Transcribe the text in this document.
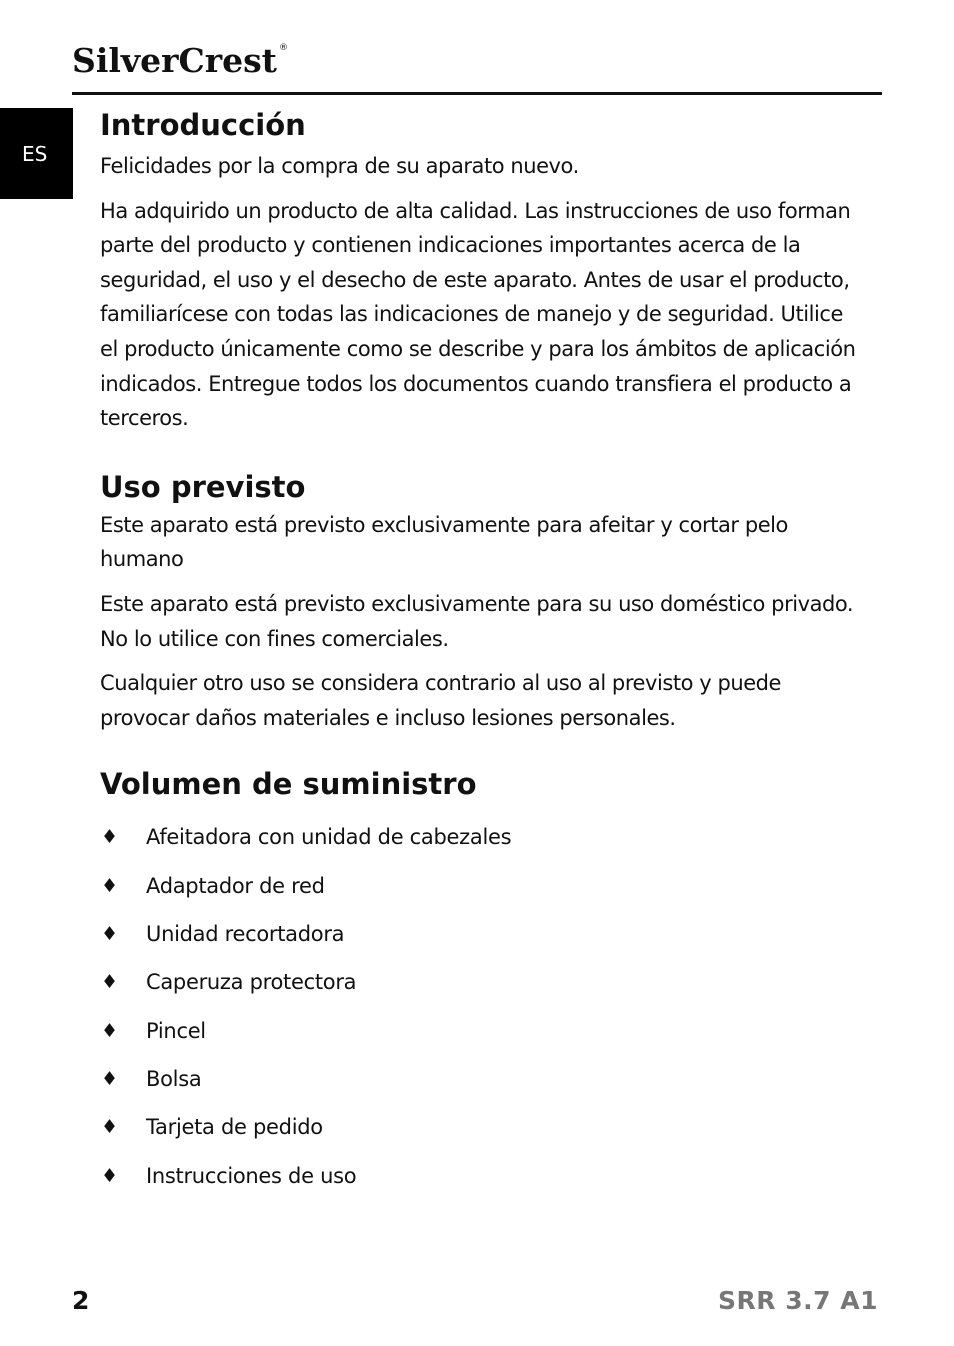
SilverCrest ®
ES
Introducción

Felicidades por la compra de su aparato nuevo.

Ha adquirido un producto de alta calidad. Las instrucciones de uso forman parte del producto y contienen indicaciones importantes acerca de la seguridad, el uso y el desecho de este aparato. Antes de usar el producto, familiarícese con todas las indicaciones de manejo y de seguridad. Utilice el producto únicamente como se describe y para los ámbitos de aplicación indicados. Entregue todos los documentos cuando transfiera el producto a terceros.

Uso previsto

Este aparato está previsto exclusivamente para afeitar y cortar pelo humano

Este aparato está previsto exclusivamente para su uso doméstico privado. No lo utilice con fines comerciales.

Cualquier otro uso se considera contrario al uso al previsto y puede provocar daños materiales e incluso lesiones personales.

Volumen de suministro
♦	Afeitadora con unidad de cabezales
♦	Adaptador de red
♦	Unidad recortadora
♦	Caperuza protectora
♦	Pincel
♦	Bolsa
♦	Tarjeta de pedido
♦	Instrucciones de uso
2	SRR 3.7 A1
